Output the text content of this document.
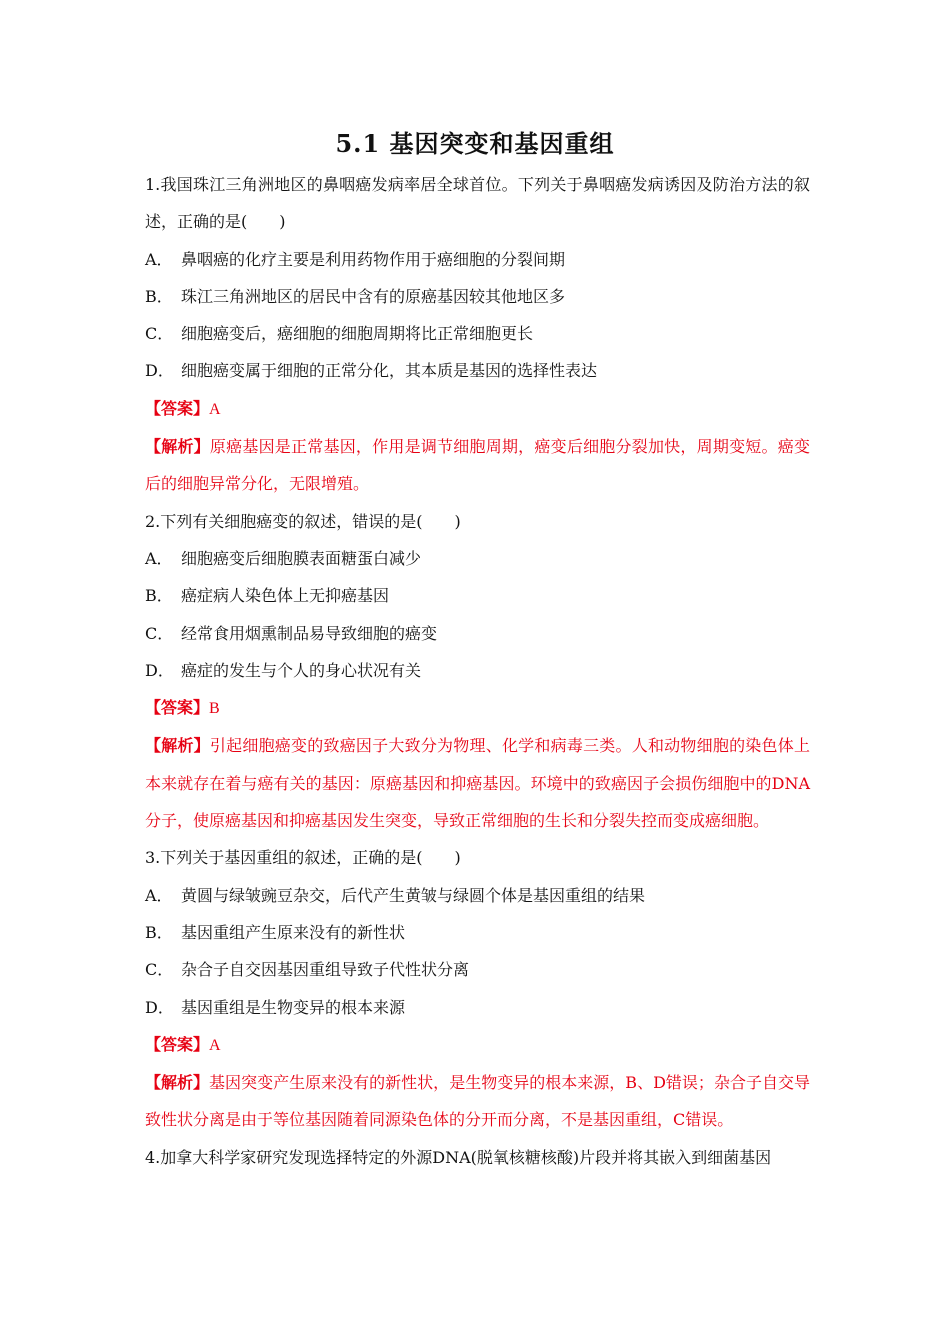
5.1 基因突变和基因重组

1.我国珠江三角洲地区的鼻咽癌发病率居全球首位。下列关于鼻咽癌发病诱因及防治方法的叙述，正确的是(　　)

A． 鼻咽癌的化疗主要是利用药物作用于癌细胞的分裂间期

B． 珠江三角洲地区的居民中含有的原癌基因较其他地区多

C． 细胞癌变后，癌细胞的细胞周期将比正常细胞更长

D． 细胞癌变属于细胞的正常分化，其本质是基因的选择性表达

【答案】A

【解析】原癌基因是正常基因，作用是调节细胞周期，癌变后细胞分裂加快，周期变短。癌变后的细胞异常分化，无限增殖。

2.下列有关细胞癌变的叙述，错误的是(　　)

A． 细胞癌变后细胞膜表面糖蛋白减少

B． 癌症病人染色体上无抑癌基因

C． 经常食用烟熏制品易导致细胞的癌变

D． 癌症的发生与个人的身心状况有关

【答案】B

【解析】引起细胞癌变的致癌因子大致分为物理、化学和病毒三类。人和动物细胞的染色体上本来就存在着与癌有关的基因：原癌基因和抑癌基因。环境中的致癌因子会损伤细胞中的DNA分子，使原癌基因和抑癌基因发生突变，导致正常细胞的生长和分裂失控而变成癌细胞。

3.下列关于基因重组的叙述，正确的是(　　)

A． 黄圆与绿皱豌豆杂交，后代产生黄皱与绿圆个体是基因重组的结果

B． 基因重组产生原来没有的新性状

C． 杂合子自交因基因重组导致子代性状分离

D． 基因重组是生物变异的根本来源

【答案】A

【解析】基因突变产生原来没有的新性状，是生物变异的根本来源，B、D错误；杂合子自交导致性状分离是由于等位基因随着同源染色体的分开而分离，不是基因重组，C错误。

4.加拿大科学家研究发现选择特定的外源DNA(脱氧核糖核酸)片段并将其嵌入到细菌基因
